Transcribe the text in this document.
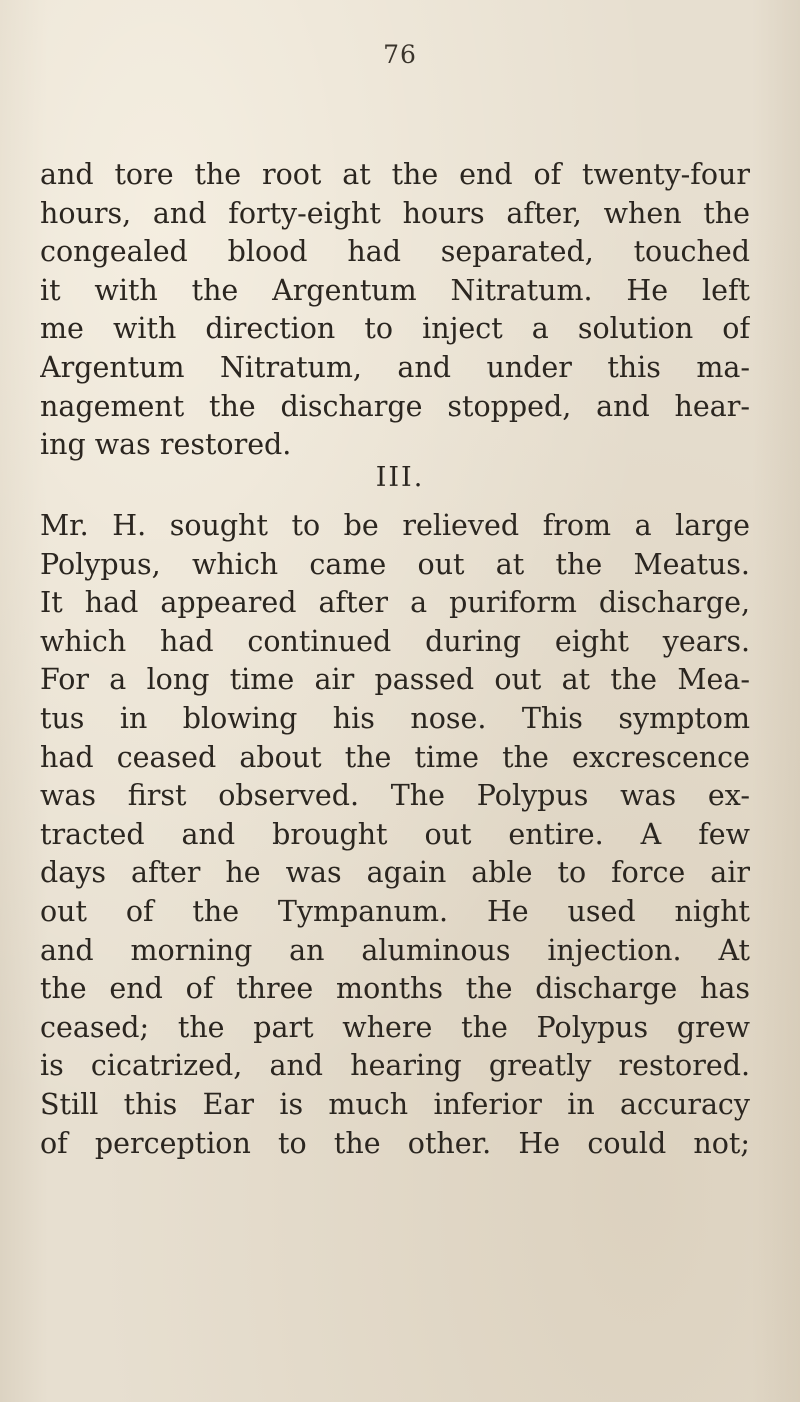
76
and tore the root at the end of twenty-four
hours, and forty-eight hours after, when the
congealed blood had separated, touched
it with the Argentum Nitratum. He left
me with direction to inject a solution of
Argentum Nitratum, and under this ma-
nagement the discharge stopped, and hear-
ing was restored.
III.
Mr. H. sought to be relieved from a large
Polypus, which came out at the Meatus.
It had appeared after a puriform discharge,
which had continued during eight years.
For a long time air passed out at the Mea-
tus in blowing his nose. This symptom
had ceased about the time the excrescence
was first observed. The Polypus was ex-
tracted and brought out entire. A few
days after he was again able to force air
out of the Tympanum. He used night
and morning an aluminous injection. At
the end of three months the discharge has
ceased; the part where the Polypus grew
is cicatrized, and hearing greatly restored.
Still this Ear is much inferior in accuracy
of perception to the other. He could not;
